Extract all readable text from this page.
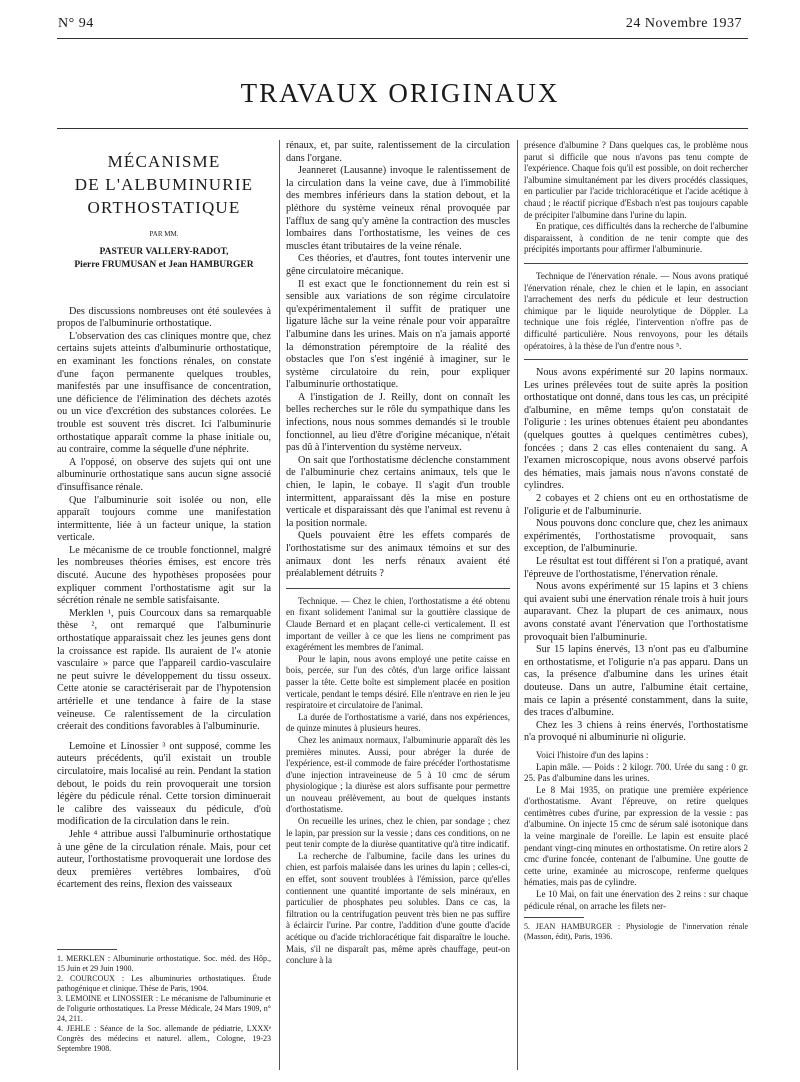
N° 94	24 Novembre 1937
TRAVAUX ORIGINAUX
MÉCANISME
DE L'ALBUMINURIE
ORTHOSTATIQUE
PAR MM.
PASTEUR VALLERY-RADOT,
Pierre FRUMUSAN et Jean HAMBURGER

Des discussions nombreuses ont été soulevées à propos de l'albuminurie orthostatique.

L'observation des cas cliniques montre que, chez certains sujets atteints d'albuminurie orthostatique, en examinant les fonctions rénales, on constate d'une façon permanente quelques troubles, manifestés par une insuffisance de concentration, une déficience de l'élimination des déchets azotés ou un vice d'excrétion des substances colorées. Le trouble est souvent très discret. Ici l'albuminurie orthostatique apparaît comme la phase initiale ou, au contraire, comme la séquelle d'une néphrite.

A l'opposé, on observe des sujets qui ont une albuminurie orthostatique sans aucun signe associé d'insuffisance rénale.

Que l'albuminurie soit isolée ou non, elle apparaît toujours comme une manifestation intermittente, liée à un facteur unique, la station verticale.

Le mécanisme de ce trouble fonctionnel, malgré les nombreuses théories émises, est encore très discuté. Aucune des hypothèses proposées pour expliquer comment l'orthostatisme agit sur la sécrétion rénale ne semble satisfaisante.

Merklen ¹, puis Courcoux dans sa remarquable thèse ², ont remarqué que l'albuminurie orthostatique apparaissait chez les jeunes gens dont la croissance est rapide. Ils auraient de l'« atonie vasculaire » parce que l'appareil cardio-vasculaire ne peut suivre le développement du tissu osseux. Cette atonie se caractériserait par de l'hypotension artérielle et une tendance à faire de la stase veineuse. Ce ralentissement de la circulation créerait des conditions favorables à l'albuminurie.

Lemoine et Linossier ³ ont supposé, comme les auteurs précédents, qu'il existait un trouble circulatoire, mais localisé au rein. Pendant la station debout, le poids du rein provoquerait une torsion légère du pédicule rénal. Cette torsion diminuerait le calibre des vaisseaux du pédicule, d'où modification de la circulation dans le rein.

Jehle ⁴ attribue aussi l'albuminurie orthostatique à une gêne de la circulation rénale. Mais, pour cet auteur, l'orthostatisme provoquerait une lordose des deux premières vertèbres lombaires, d'où écartement des reins, flexion des vaisseaux

1. MERKLEN : Albuminurie orthostatique. Soc. méd. des Hôp., 15 Juin et 29 Juin 1900.

2. COURCOUX : Les albuminuries orthostatiques. Étude pathogénique et clinique. Thèse de Paris, 1904.

3. LEMOINE et LINOSSIER : Le mécanisme de l'albuminurie et de l'oligurie orthostatiques. La Presse Médicale, 24 Mars 1909, n° 24, 211.

4. JEHLE : Séance de la Soc. allemande de pédiatrie, LXXXᵉ Congrès des médecins et naturel. allem., Cologne, 19-23 Septembre 1908.

rénaux, et, par suite, ralentissement de la circulation dans l'organe.

Jeanneret (Lausanne) invoque le ralentissement de la circulation dans la veine cave, due à l'immobilité des membres inférieurs dans la station debout, et la pléthore du système veineux rénal provoquée par l'afflux de sang qu'y amène la contraction des muscles lombaires dans l'orthostatisme, les veines de ces muscles étant tributaires de la veine rénale.

Ces théories, et d'autres, font toutes intervenir une gêne circulatoire mécanique.

Il est exact que le fonctionnement du rein est si sensible aux variations de son régime circulatoire qu'expérimentalement il suffit de pratiquer une ligature lâche sur la veine rénale pour voir apparaître l'albumine dans les urines. Mais on n'a jamais apporté la démonstration péremptoire de la réalité des obstacles que l'on s'est ingénié à imaginer, sur le système circulatoire du rein, pour expliquer l'albuminurie orthostatique.

A l'instigation de J. Reilly, dont on connaît les belles recherches sur le rôle du sympathique dans les infections, nous nous sommes demandés si le trouble fonctionnel, au lieu d'être d'origine mécanique, n'était pas dû à l'intervention du système nerveux.

On sait que l'orthostatisme déclenche constamment de l'albuminurie chez certains animaux, tels que le chien, le lapin, le cobaye. Il s'agit d'un trouble intermittent, apparaissant dès la mise en posture verticale et disparaissant dès que l'animal est revenu à la position normale.

Quels pouvaient être les effets comparés de l'orthostatisme sur des animaux témoins et sur des animaux dont les nerfs rénaux avaient été préalablement détruits ?

Technique. — Chez le chien, l'orthostatisme a été obtenu en fixant solidement l'animal sur la gouttière classique de Claude Bernard et en plaçant celle-ci verticalement. Il est important de veiller à ce que les liens ne compriment pas exagérément les membres de l'animal.

Pour le lapin, nous avons employé une petite caisse en bois, percée, sur l'un des côtés, d'un large orifice laissant passer la tête. Cette boîte est simplement placée en position verticale, pendant le temps désiré. Elle n'entrave en rien le jeu respiratoire et circulatoire de l'animal.

La durée de l'orthostatisme a varié, dans nos expériences, de quinze minutes à plusieurs heures.

Chez les animaux normaux, l'albuminurie apparaît dès les premières minutes. Aussi, pour abréger la durée de l'expérience, est-il commode de faire précéder l'orthostatisme d'une injection intraveineuse de 5 à 10 cmc de sérum physiologique ; la diurèse est alors suffisante pour permettre un nouveau prélèvement, au bout de quelques instants d'orthostatisme.

On recueille les urines, chez le chien, par sondage ; chez le lapin, par pression sur la vessie ; dans ces conditions, on ne peut tenir compte de la diurèse quantitative qu'à titre indicatif.

La recherche de l'albumine, facile dans les urines du chien, est parfois malaisée dans les urines du lapin ; celles-ci, en effet, sont souvent troublées à l'émission, parce qu'elles contiennent une quantité importante de sels minéraux, en particulier de phosphates peu solubles. Dans ce cas, la filtration ou la centrifugation peuvent très bien ne pas suffire à éclaircir l'urine. Par contre, l'addition d'une goutte d'acide acétique ou d'acide trichloracétique fait disparaître le louche. Mais, s'il ne disparaît pas, même après chauffage, peut-on conclure à la

présence d'albumine ? Dans quelques cas, le problème nous parut si difficile que nous n'avons pas tenu compte de l'expérience. Chaque fois qu'il est possible, on doit rechercher l'albumine simultanément par les divers procédés classiques, en particulier par l'acide trichloracétique et l'acide acétique à chaud ; le réactif picrique d'Esbach n'est pas toujours capable de précipiter l'albumine dans l'urine du lapin.

En pratique, ces difficultés dans la recherche de l'albumine disparaissent, à condition de ne tenir compte que des précipités importants pour affirmer l'albuminurie.

Technique de l'énervation rénale. — Nous avons pratiqué l'énervation rénale, chez le chien et le lapin, en associant l'arrachement des nerfs du pédicule et leur destruction chimique par le liquide neurolytique de Döppler. La technique une fois réglée, l'intervention n'offre pas de difficulté particulière. Nous renvoyons, pour les détails opératoires, à la thèse de l'un d'entre nous ⁵.

Nous avons expérimenté sur 20 lapins normaux. Les urines prélevées tout de suite après la position orthostatique ont donné, dans tous les cas, un précipité d'albumine, en même temps qu'on constatait de l'oligurie : les urines obtenues étaient peu abondantes (quelques gouttes à quelques centimètres cubes), foncées ; dans 2 cas elles contenaient du sang. A l'examen microscopique, nous avons observé parfois des hématies, mais jamais nous n'avons constaté de cylindres.

2 cobayes et 2 chiens ont eu en orthostatisme de l'oligurie et de l'albuminurie.

Nous pouvons donc conclure que, chez les animaux expérimentés, l'orthostatisme provoquait, sans exception, de l'albuminurie.

Le résultat est tout différent si l'on a pratiqué, avant l'épreuve de l'orthostatisme, l'énervation rénale.

Nous avons expérimenté sur 15 lapins et 3 chiens qui avaient subi une énervation rénale trois à huit jours auparavant. Chez la plupart de ces animaux, nous avons constaté avant l'énervation que l'orthostatisme provoquait bien l'albuminurie.

Sur 15 lapins énervés, 13 n'ont pas eu d'albumine en orthostatisme, et l'oligurie n'a pas apparu. Dans un cas, la présence d'albumine dans les urines était douteuse. Dans un autre, l'albumine était certaine, mais ce lapin a présenté constamment, dans la suite, des traces d'albumine.

Chez les 3 chiens à reins énervés, l'orthostatisme n'a provoqué ni albuminurie ni oligurie.

Voici l'histoire d'un des lapins :

Lapin mâle. — Poids : 2 kilogr. 700. Urée du sang : 0 gr. 25. Pas d'albumine dans les urines.

Le 8 Mai 1935, on pratique une première expérience d'orthostatisme. Avant l'épreuve, on retire quelques centimètres cubes d'urine, par expression de la vessie : pas d'albumine. On injecte 15 cmc de sérum salé isotonique dans la veine marginale de l'oreille. Le lapin est ensuite placé pendant vingt-cinq minutes en orthostatisme. On retire alors 2 cmc d'urine foncée, contenant de l'albumine. Une goutte de cette urine, examinée au microscope, renferme quelques hématies, mais pas de cylindre.

Le 10 Mai, on fait une énervation des 2 reins : sur chaque pédicule rénal, on arrache les filets ner-

5. JEAN HAMBURGER : Physiologie de l'innervation rénale (Masson, édit), Paris, 1936.
